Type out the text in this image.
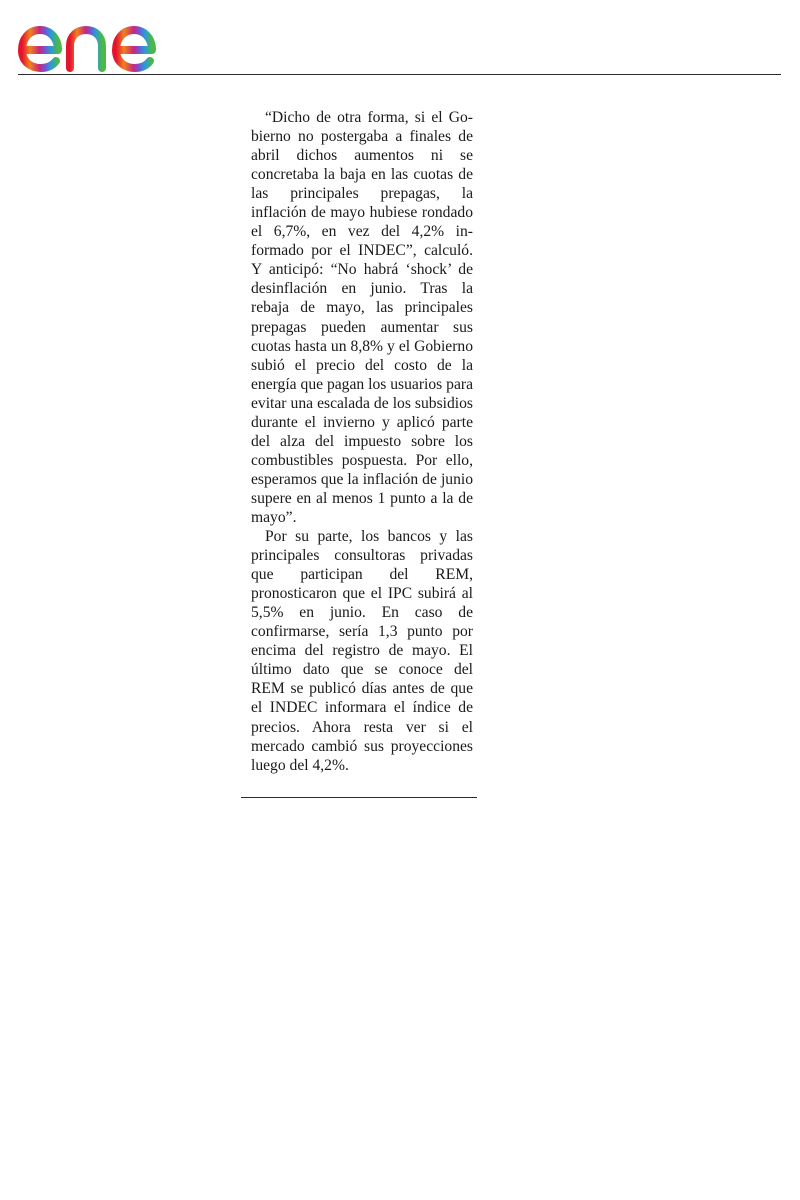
“Dicho de otra forma, si el Gobierno no postergaba a finales de abril dichos aumentos ni se concretaba la baja en las cuotas de las principales prepagas, la inflación de mayo hubiese rondado el 6,7%, en vez del 4,2% informado por el INDEC”, calculó. Y anticipó: “No habrá ‘shock’ de desinflación en junio. Tras la rebaja de mayo, las principales prepagas pueden aumentar sus cuotas hasta un 8,8% y el Gobierno subió el precio del costo de la energía que pagan los usuarios para evitar una escalada de los subsidios durante el invierno y aplicó parte del alza del impuesto sobre los combustibles pospuesta. Por ello, esperamos que la inflación de junio supere en al menos 1 punto a la de mayo”.

Por su parte, los bancos y las principales consultoras privadas que participan del REM, pronosticaron que el IPC subirá al 5,5% en junio. En caso de confirmarse, sería 1,3 punto por encima del registro de mayo. El último dato que se conoce del REM se publicó días antes de que el INDEC informara el índice de precios. Ahora resta ver si el mercado cambió sus proyecciones luego del 4,2%.
